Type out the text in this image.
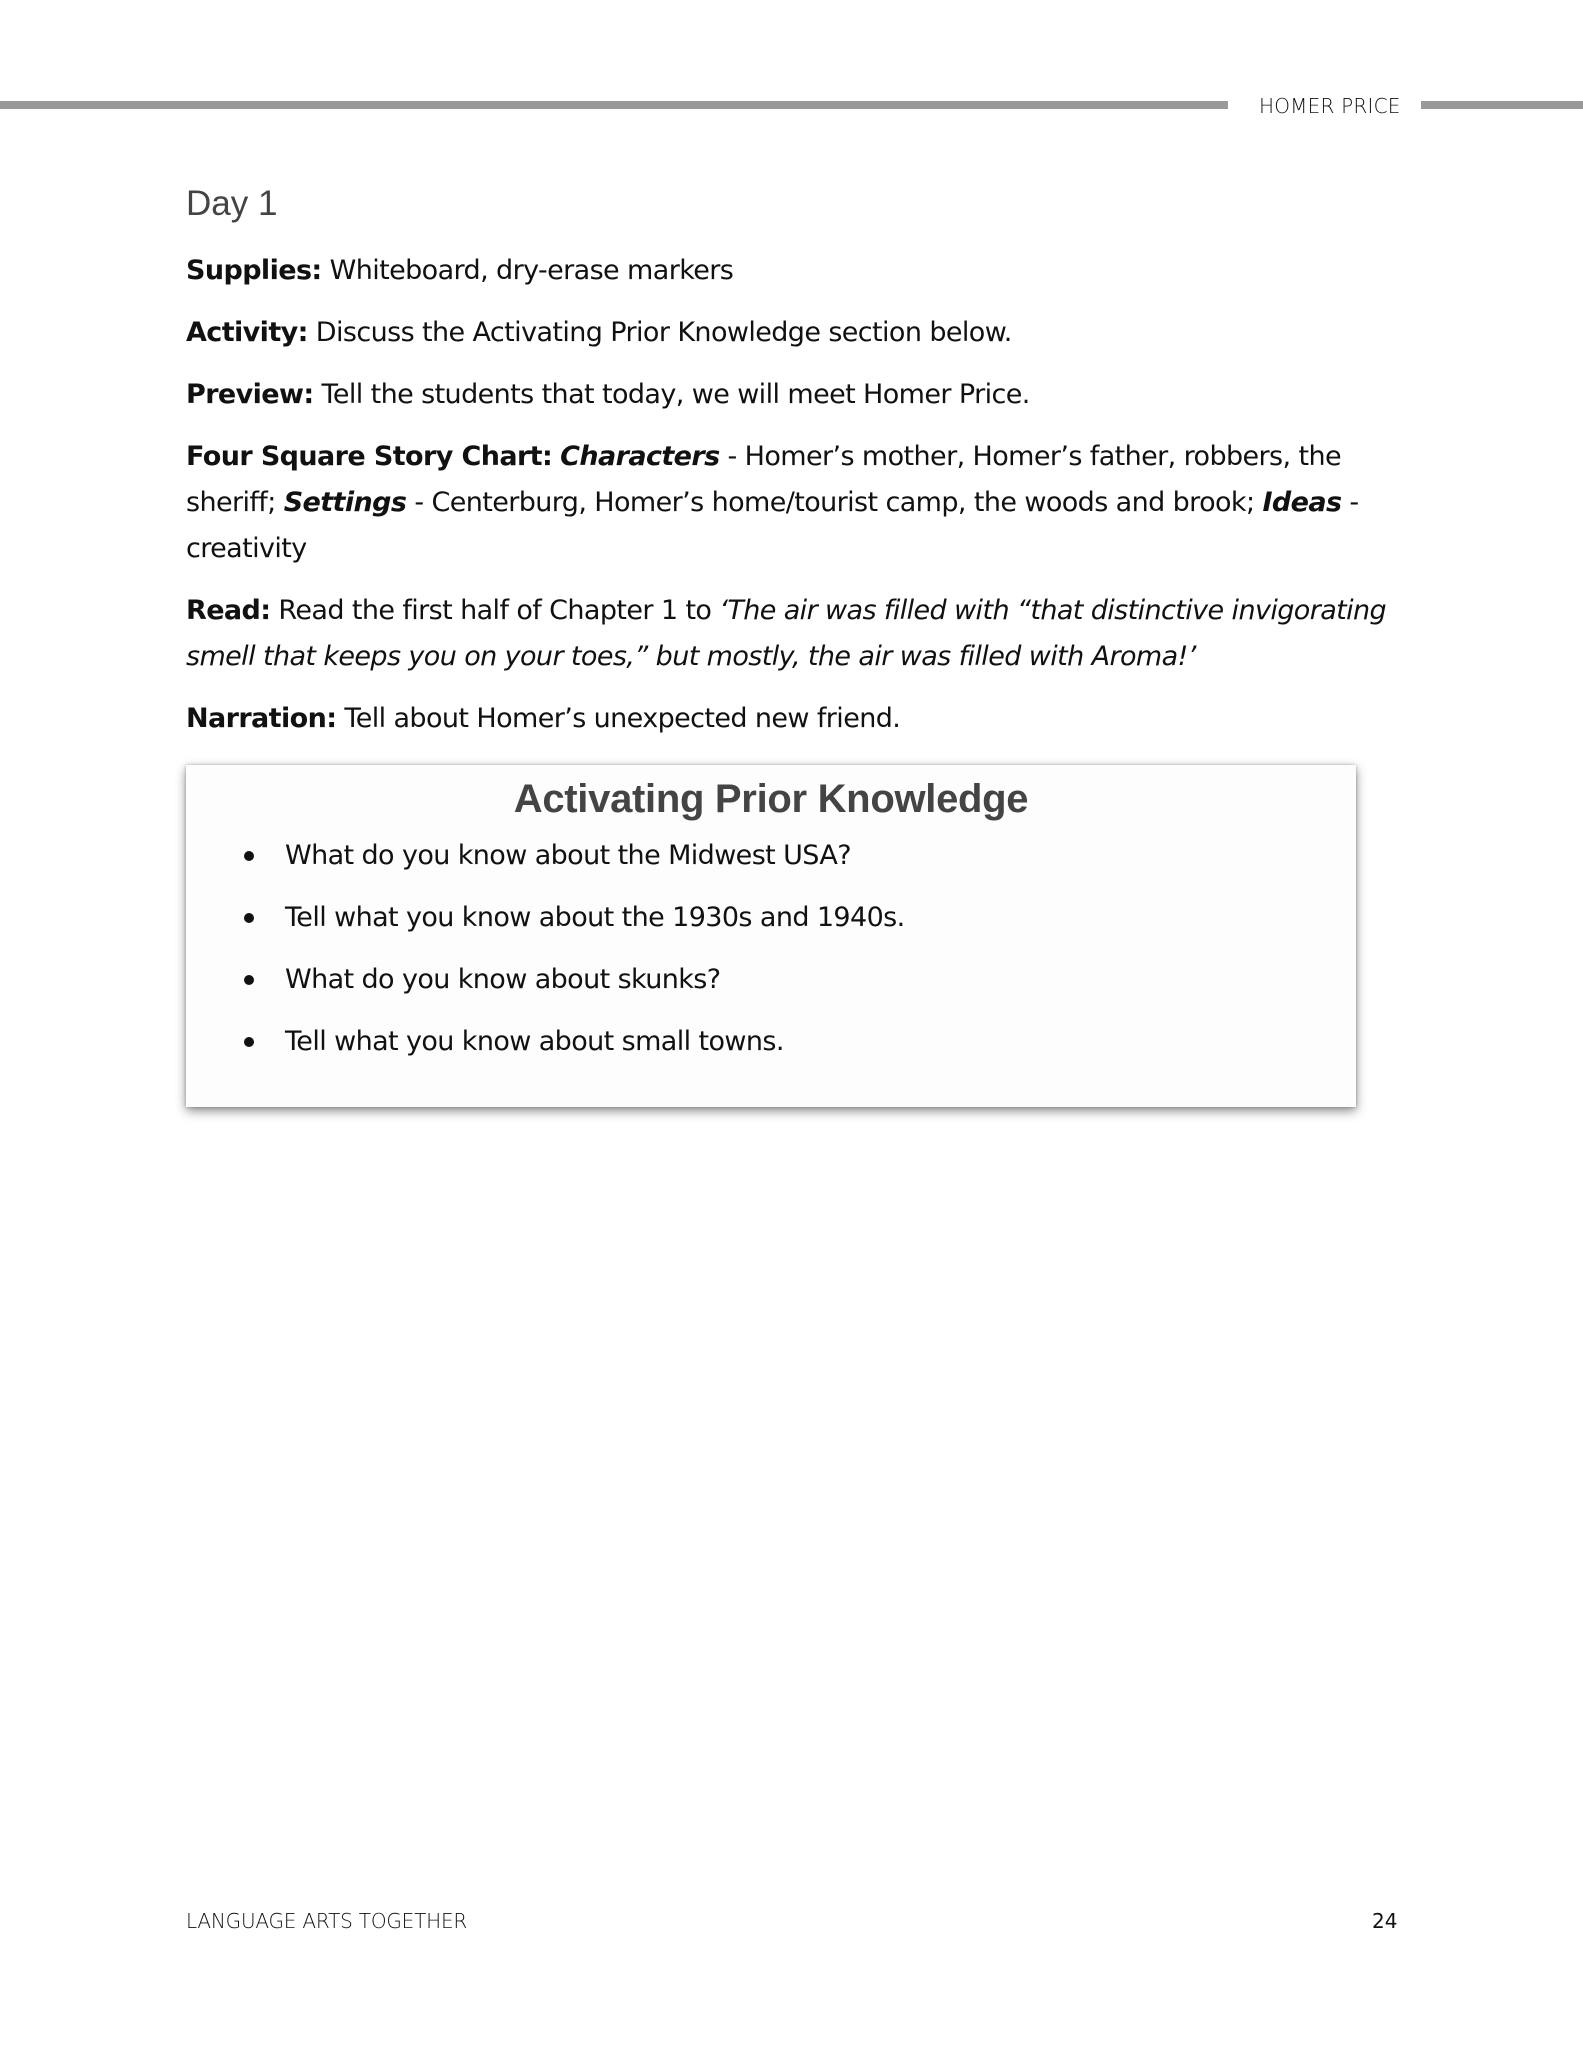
HOMER PRICE
Day 1

Supplies: Whiteboard, dry-erase markers

Activity: Discuss the Activating Prior Knowledge section below.

Preview: Tell the students that today, we will meet Homer Price.

Four Square Story Chart: Characters - Homer’s mother, Homer’s father, robbers, the sheriff; Settings - Centerburg, Homer’s home/tourist camp, the woods and brook; Ideas - creativity

Read: Read the first half of Chapter 1 to ‘The air was filled with “that distinctive invigorating smell that keeps you on your toes,” but mostly, the air was filled with Aroma!’

Narration: Tell about Homer’s unexpected new friend.

Activating Prior Knowledge
What do you know about the Midwest USA?
Tell what you know about the 1930s and 1940s.
What do you know about skunks?
Tell what you know about small towns.
LANGUAGE ARTS TOGETHER	24
